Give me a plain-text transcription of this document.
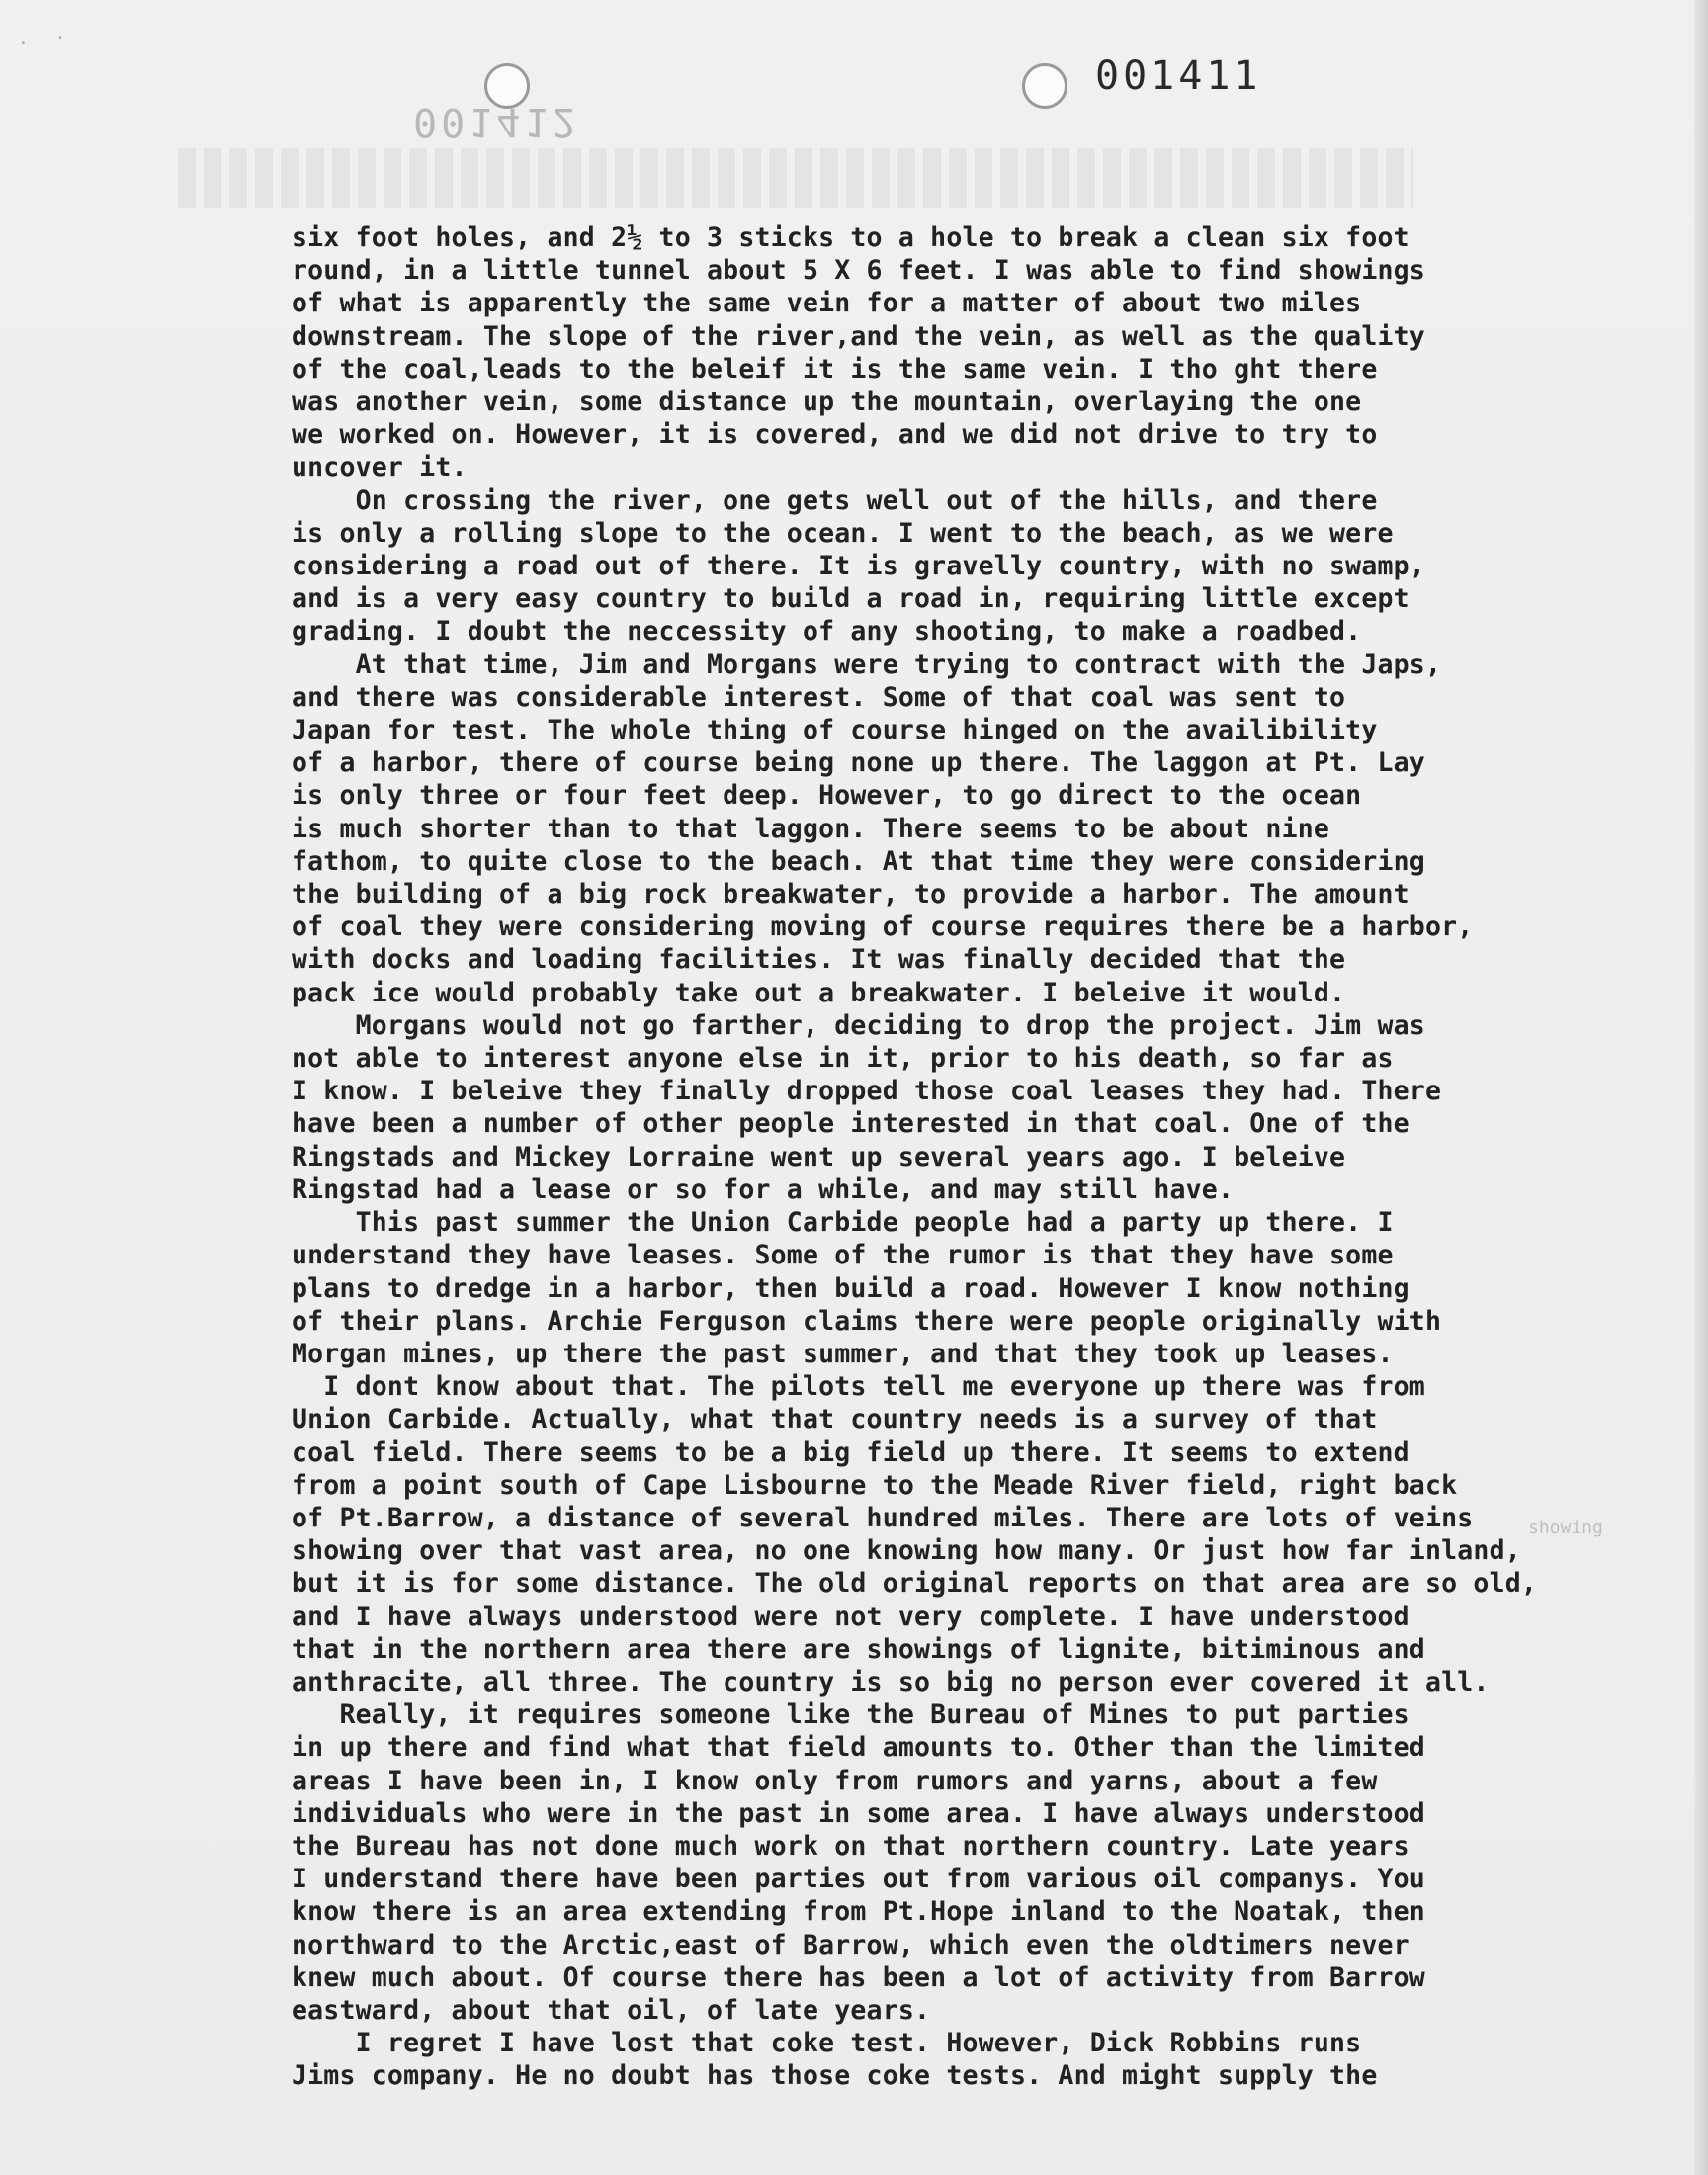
. ·
001412
001411
six foot holes, and 2½ to 3 sticks to a hole to break a clean six foot
round, in a little tunnel about 5 X 6 feet. I was able to find showings
of what is apparently the same vein for a matter of about two miles
downstream. The slope of the river,and the vein, as well as the quality
of the coal,leads to the beleif it is the same vein. I tho ght there
was another vein, some distance up the mountain, overlaying the one
we worked on. However, it is covered, and we did not drive to try to
uncover it.
On crossing the river, one gets well out of the hills, and there
is only a rolling slope to the ocean. I went to the beach, as we were
considering a road out of there. It is gravelly country, with no swamp,
and is a very easy country to build a road in, requiring little except
grading. I doubt the neccessity of any shooting, to make a roadbed.
At that time, Jim and Morgans were trying to contract with the Japs,
and there was considerable interest. Some of that coal was sent to
Japan for test. The whole thing of course hinged on the availibility
of a harbor, there of course being none up there. The laggon at Pt. Lay
is only three or four feet deep. However, to go direct to the ocean
is much shorter than to that laggon. There seems to be about nine
fathom, to quite close to the beach. At that time they were considering
the building of a big rock breakwater, to provide a harbor. The amount
of coal they were considering moving of course requires there be a harbor,
with docks and loading facilities. It was finally decided that the
pack ice would probably take out a breakwater. I beleive it would.
Morgans would not go farther, deciding to drop the project. Jim was
not able to interest anyone else in it, prior to his death, so far as
I know. I beleive they finally dropped those coal leases they had. There
have been a number of other people interested in that coal. One of the
Ringstads and Mickey Lorraine went up several years ago. I beleive
Ringstad had a lease or so for a while, and may still have.
This past summer the Union Carbide people had a party up there. I
understand they have leases. Some of the rumor is that they have some
plans to dredge in a harbor, then build a road. However I know nothing
of their plans. Archie Ferguson claims there were people originally with
Morgan mines, up there the past summer, and that they took up leases.
I dont know about that. The pilots tell me everyone up there was from
Union Carbide. Actually, what that country needs is a survey of that
coal field. There seems to be a big field up there. It seems to extend
from a point south of Cape Lisbourne to the Meade River field, right back
of Pt.Barrow, a distance of several hundred miles. There are lots of veins
showing over that vast area, no one knowing how many. Or just how far inland,
but it is for some distance. The old original reports on that area are so old,
and I have always understood were not very complete. I have understood
that in the northern area there are showings of lignite, bitiminous and
anthracite, all three. The country is so big no person ever covered it all.
Really, it requires someone like the Bureau of Mines to put parties
in up there and find what that field amounts to. Other than the limited
areas I have been in, I know only from rumors and yarns, about a few
individuals who were in the past in some area. I have always understood
the Bureau has not done much work on that northern country. Late years
I understand there have been parties out from various oil companys. You
know there is an area extending from Pt.Hope inland to the Noatak, then
northward to the Arctic,east of Barrow, which even the oldtimers never
knew much about. Of course there has been a lot of activity from Barrow
eastward, about that oil, of late years.
I regret I have lost that coke test. However, Dick Robbins runs
Jims company. He no doubt has those coke tests. And might supply the

showing
